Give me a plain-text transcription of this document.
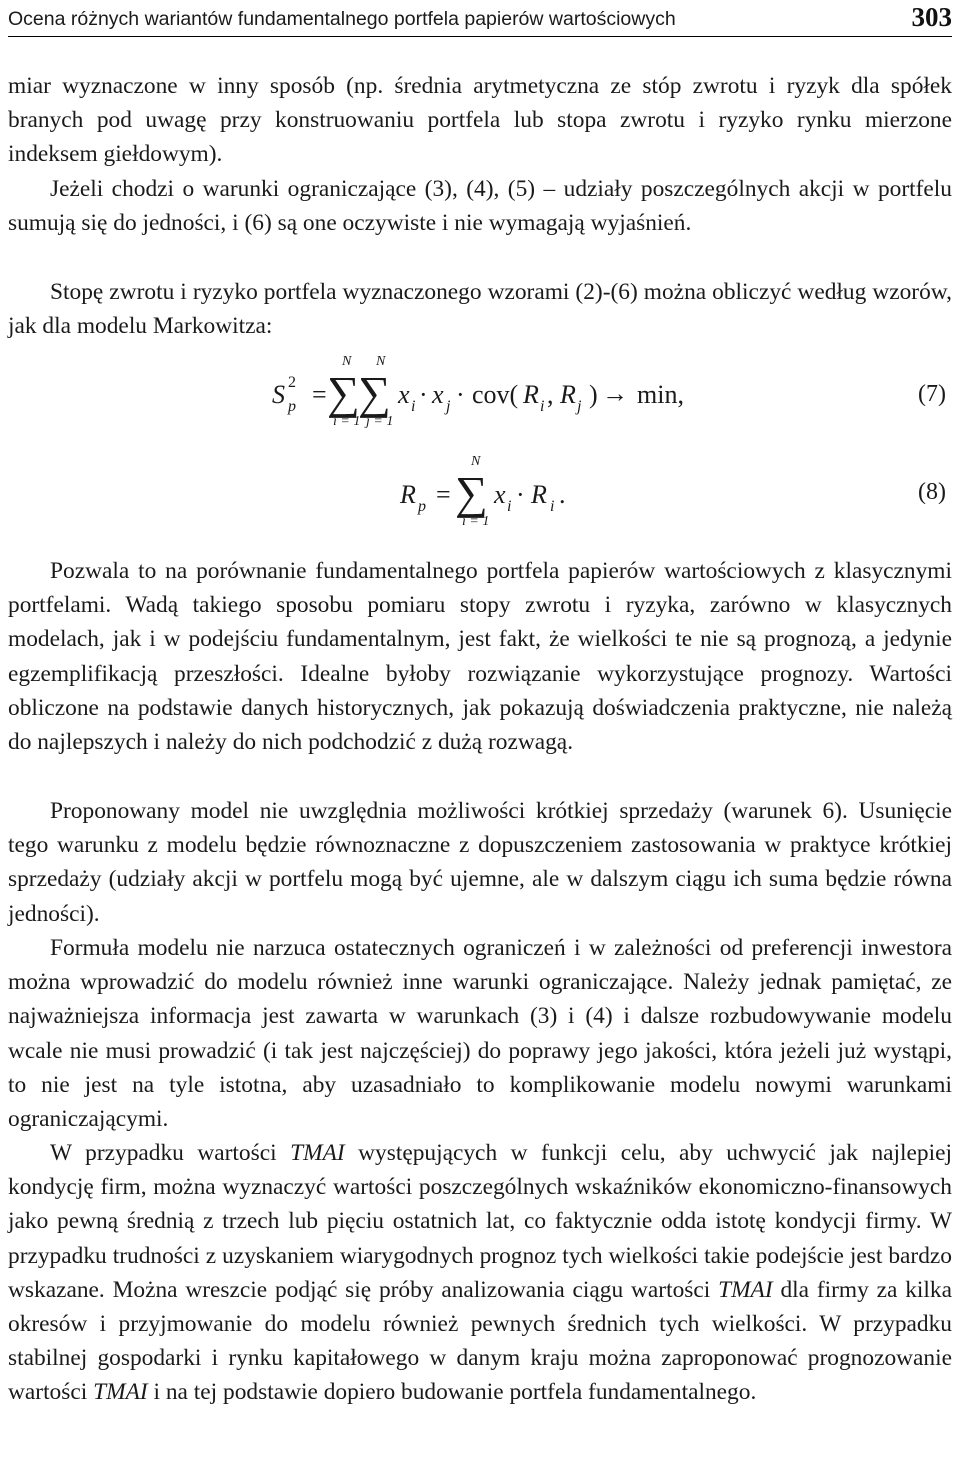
Ocena różnych wariantów fundamentalnego portfela papierów wartościowych	303

miar wyznaczone w inny sposób (np. średnia arytmetyczna ze stóp zwrotu i ryzyk dla spółek branych pod uwagę przy konstruowaniu portfela lub stopa zwrotu i ryzyko rynku mierzone indeksem giełdowym).

Jeżeli chodzi o warunki ograniczające (3), (4), (5) – udziały poszczególnych akcji w portfelu sumują się do jedności, i (6) są one oczywiste i nie wymagają wyjaśnień.

Stopę zwrotu i ryzyko portfela wyznaczonego wzorami (2)-(6) można obliczyć według wzorów, jak dla modelu Markowitza:

S 2
p =
N
∑
i = 1
N
∑
j = 1
x i · x j · cov( R i , R j ) → min,	(7)
R p =
N
∑
i = 1
x i · R i .	(8)

Pozwala to na porównanie fundamentalnego portfela papierów wartościowych z klasycznymi portfelami. Wadą takiego sposobu pomiaru stopy zwrotu i ryzyka, zarówno w klasycznych modelach, jak i w podejściu fundamentalnym, jest fakt, że wielkości te nie są prognozą, a jedynie egzemplifikacją przeszłości. Idealne byłoby rozwiązanie wykorzystujące prognozy. Wartości obliczone na podstawie danych historycznych, jak pokazują doświadczenia praktyczne, nie należą do najlepszych i należy do nich podchodzić z dużą rozwagą.

Proponowany model nie uwzględnia możliwości krótkiej sprzedaży (warunek 6). Usunięcie tego warunku z modelu będzie równoznaczne z dopuszczeniem zastosowania w praktyce krótkiej sprzedaży (udziały akcji w portfelu mogą być ujemne, ale w dalszym ciągu ich suma będzie równa jedności).

Formuła modelu nie narzuca ostatecznych ograniczeń i w zależności od preferencji inwestora można wprowadzić do modelu również inne warunki ograniczające. Należy jednak pamiętać, ze najważniejsza informacja jest zawarta w warunkach (3) i (4) i dalsze rozbudowywanie modelu wcale nie musi prowadzić (i tak jest najczęściej) do poprawy jego jakości, która jeżeli już wystąpi, to nie jest na tyle istotna, aby uzasadniało to komplikowanie modelu nowymi warunkami ograniczającymi.

W przypadku wartości TMAI występujących w funkcji celu, aby uchwycić jak najlepiej kondycję firm, można wyznaczyć wartości poszczególnych wskaźników ekonomiczno-finansowych jako pewną średnią z trzech lub pięciu ostatnich lat, co faktycznie odda istotę kondycji firmy. W przypadku trudności z uzyskaniem wiarygodnych prognoz tych wielkości takie podejście jest bardzo wskazane. Można wreszcie podjąć się próby analizowania ciągu wartości TMAI dla firmy za kilka okresów i przyjmowanie do modelu również pewnych średnich tych wielkości. W przypadku stabilnej gospodarki i rynku kapitałowego w danym kraju można zaproponować prognozowanie wartości TMAI i na tej podstawie dopiero budowanie portfela fundamentalnego.
